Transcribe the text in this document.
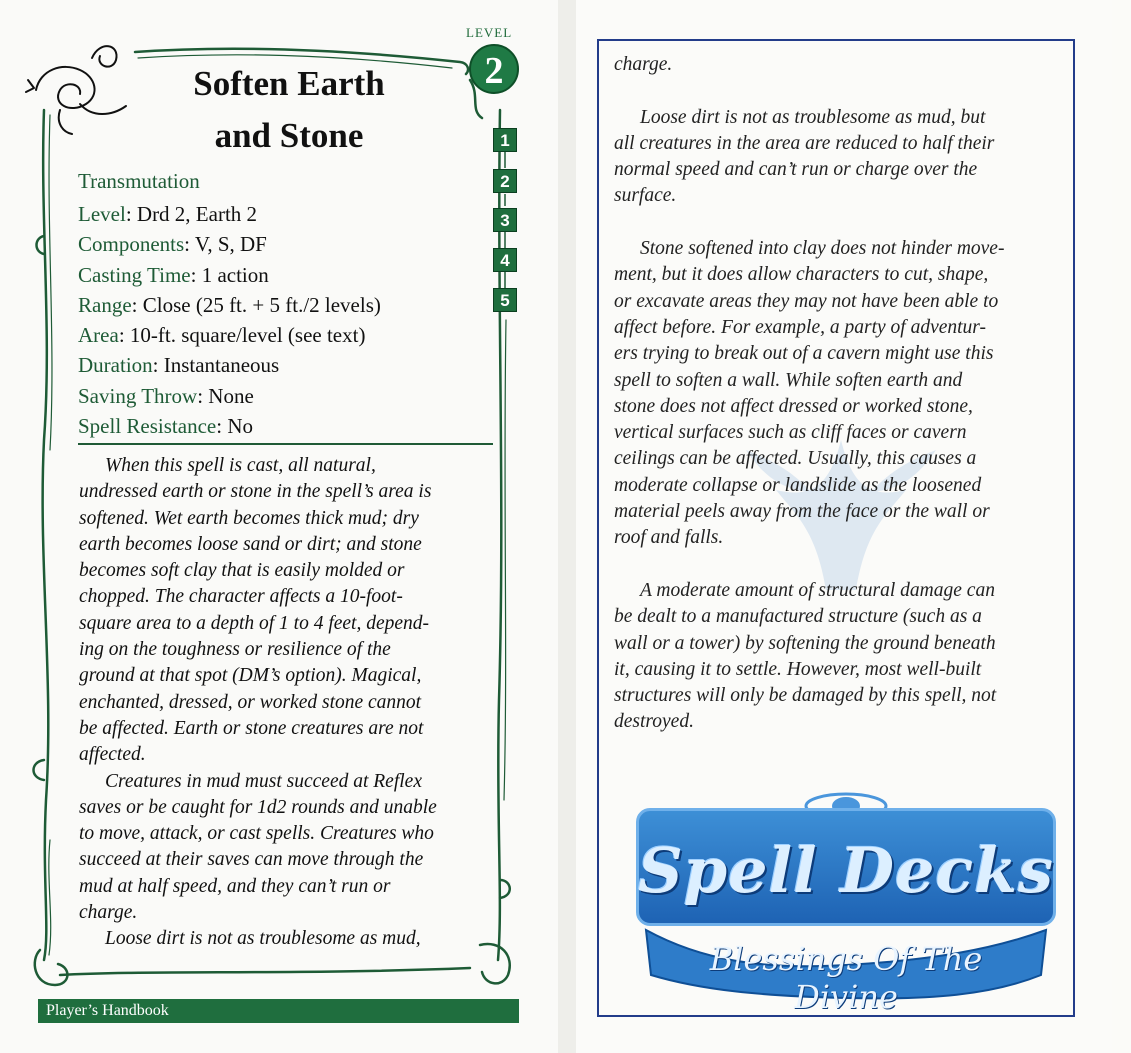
LEVEL
2
Soften Earth
and Stone	1
2
3
4
5
Transmutation
Level: Drd 2, Earth 2
Components: V, S, DF
Casting Time: 1 action
Range: Close (25 ft. + 5 ft./2 levels)
Area: 10-ft. square/level (see text)
Duration: Instantaneous
Saving Throw: None
Spell Resistance: No

When this spell is cast, all natural,
undressed earth or stone in the spell’s area is
softened. Wet earth becomes thick mud; dry
earth becomes loose sand or dirt; and stone
becomes soft clay that is easily molded or
chopped. The character affects a 10-foot-
square area to a depth of 1 to 4 feet, depend-
ing on the toughness or resilience of the
ground at that spot (DM’s option). Magical,
enchanted, dressed, or worked stone cannot
be affected. Earth or stone creatures are not
affected.

Creatures in mud must succeed at Reflex
saves or be caught for 1d2 rounds and unable
to move, attack, or cast spells. Creatures who
succeed at their saves can move through the
mud at half speed, and they can’t run or
charge.

Loose dirt is not as troublesome as mud,

Player’s Handbook

charge.

Loose dirt is not as troublesome as mud, but
all creatures in the area are reduced to half their
normal speed and can’t run or charge over the
surface.

Stone softened into clay does not hinder move-
ment, but it does allow characters to cut, shape,
or excavate areas they may not have been able to
affect before. For example, a party of adventur-
ers trying to break out of a cavern might use this
spell to soften a wall. While soften earth and
stone does not affect dressed or worked stone,
vertical surfaces such as cliff faces or cavern
ceilings can be affected. Usually, this causes a
moderate collapse or landslide as the loosened
material peels away from the face or the wall or
roof and falls.

A moderate amount of structural damage can
be dealt to a manufactured structure (such as a
wall or a tower) by softening the ground beneath
it, causing it to settle. However, most well-built
structures will only be damaged by this spell, not
destroyed.

Spell Decks
Blessings Of The Divine
